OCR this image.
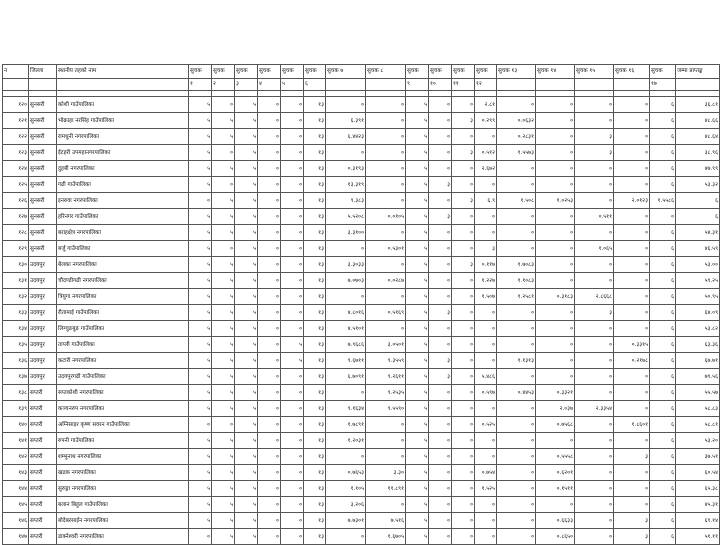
न	जिल्ला	स्थानीय तहको नाम	सुचक	सुचक	सुचक	सुचक	सुचक	सुचक	सुचक ७	सुचक ८	सुचक	सुचक	सुचक	सुचक	सुचक १३	सुचक १४	सुचक १५	सुचक १६	सुचक	जम्मा प्राप्तङ्क	
			१	२	३	४	५	६			९	१०	११	१२					१७		

१२०	सुनसरी	कोशी गाउँपालिका	५	०	५	०	०	१३	०	०	५	०	०	२.८१	०	०	०	०	६	३६.८१	
१२१	सुनसरी	भोक्राहा नरसिंह गाउँपालिका	५	५	५	०	०	१३	६.३९१	०	५	०	३	०.२९९	०.०६३२	०	०	०	६	४८.६६	
१२२	सुनसरी	रामधुनी नगरपालिका	५	५	५	०	०	१३	६.४४२३	०	५	०	०	०	०.२८३१	०	३	०	६	४८.६४	
१२३	सुनसरी	ईटहरी उपमहानगरपालिका	५	०	५	०	०	१३	०	०	५	०	३	०.५१२	१.५५७३	०	३	०	६	३८.९६	
१२४	सुनसरी	दुहबी नगरपालिका	५	५	५	०	०	१३	०.३१९३	०	५	०	०	२.६७२	०	०	०	०	६	४७.९९	
१२५	सुनसरी	गढी गाउँपालिका	५	०	५	०	०	१३	१३.३१९	०	५	३	०	०	०	०	०	०	६	५३.३२	
१२६	सुनसरी	इनरुवा नगरपालिका	०	५	५	०	०	१३	९.३८३	०	५	०	३	६.९	१.५०८	१.०२५३	०	२.०१२३	१.५५८६	६	
१२७	सुनसरी	हरिनगर गाउँपालिका	५	५	५	०	०	१३	५.५२०८	०.०१०५	५	३	०	०	०	०	०.५११	०	०	६	
१२८	सुनसरी	बराहक्षेत्र नगरपालिका	५	५	५	०	०	१३	३.३१००	०	५	०	०	०	०	०	०	०	६	५४.३१	
१२९	सुनसरी	बर्जु गाउँपालिका	५	०	५	०	०	१३	०	०.५३०१	५	०	०	३	०	०	१.०६५	०	६	४६.५९	
१३०	उदयपुर	बेलका नगरपालिका	५	५	५	०	०	१३	३.३०३३	०	५	०	३	०.११७	१.७०८३	०	०	०	६	५३.००	
१३१	उदयपुर	चौदण्डीगढी नगरपालिका	५	५	५	०	०	१३	७.०७०३	०.०२८७	५	०	०	१.२२७	१.१०८३	०	०	०	६	५९.२५	
१३२	उदयपुर	त्रियुगा नगरपालिका	५	५	५	०	०	१३	०	०	५	०	०	१.५०७	१.२५८१	०.३१८३	२.८६६८	०	६	५०.९५	
१३३	उदयपुर	रौतामाई गाउँपालिका	५	५	५	०	०	१३	४.८०१६	०.५१६९	५	३	०	०	०	०	३	०	६	६४.०९	
१३४	उदयपुर	लिम्चुङबुङ गाउँपालिका	५	५	५	०	०	१३	४.५१०१	०	५	०	०	०	०	०	०	०	६	५३.८२	
१३५	उदयपुर	ताप्ली गाउँपालिका	५	५	५	०	५	१३	७.९६८६	३.०५०१	५	०	०	०	०	०	०	०.३३१५	६	६३.३६	
१३६	उदयपुर	कटारी नगरपालिका	५	५	५	०	५	१३	९.६७११	९.३५५९	५	३	०	०	१.१३१३	०	०	०.२१७८	६	६७.७१	
१३७	उदयपुर	उदयपुरगढी गाउँपालिका	५	५	५	०	०	१३	६.७०९१	९.२६११	५	३	०	५.४८६	०	०	०	०	६	७९.५६	
१३८	सप्तरी	सप्तकोशी नगरपालिका	५	५	५	०	०	१३	०	९.२५३५	५	०	०	०.५९७	०.४४५३	०.३३२१	०	०	६	५५.५७	
१३९	सप्तरी	कञ्चनरुप नगरपालिका	५	५	५	०	०	१३	९.१६३४	९.५५९०	५	०	०	०	०	२.०३७	२.३३५४	०	६	५८.८३	
१४०	सप्तरी	अग्निसाइर कृष्ण सवरन गाउँपालिका	०	०	५	०	०	१३	१.७८९१	०	५	०	०	०.५२५	०	०.७५६८	०	१.८६०१	६	५८.८१	
१४१	सप्तरी	रुपनी गाउँपालिका	५	५	५	०	०	१३	१.२०३१	०	५	०	०	०	०	०	०	०	६	५३.२०	
१४२	सप्तरी	शम्भुनाथ नगरपालिका	५	५	५	०	०	१३	०	०	५	०	०	०	०	०.५५५८	०	३	६	३७.५१	
१४३	सप्तरी	खडक नगरपालिका	५	५	५	०	०	१३	०.७६५३	३.३०	५	०	०	०.७५४	०	०.६२०१	०	०	६	६०.५४	
१४४	सप्तरी	सुरुङ्गा नगरपालिका	५	५	५	०	०	१३	१.१०५	११.८९१	५	०	०	१.५२५	०	०.१५११	०	०	६	६५.३८	
१४५	सप्तरी	बलान बिहुल गाउँपालिका	५	५	५	०	०	१३	३.२०६	०	५	०	०	०	०	०	०	०	६	४५.३१	
१४६	सप्तरी	बोदेबरसाईन नगरपालिका	५	५	५	०	०	१३	७.७३०१	७.५१६	५	०	०	०	०	०.६६३३	०	३	६	६९.१४	
१४७	सप्तरी	डाक्नेश्वरी नगरपालिका	०	५	५	०	०	१३	०	१.६७०५	५	०	०	०	०	०.८६५०	०	३	६	५१.११	
